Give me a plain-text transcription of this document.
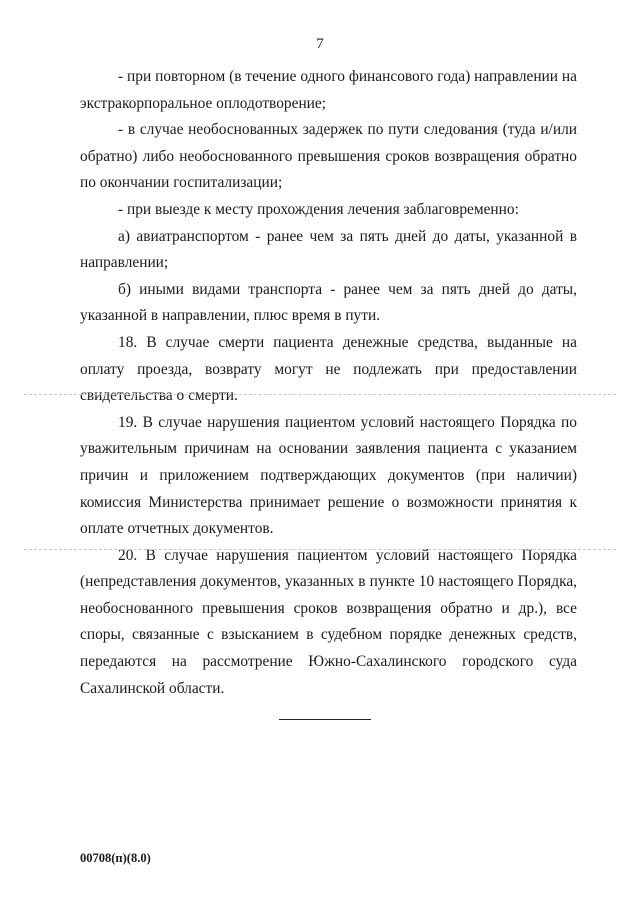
7

- при повторном (в течение одного финансового года) направлении на экстракорпоральное оплодотворение;

- в случае необоснованных задержек по пути следования (туда и/или обратно) либо необоснованного превышения сроков возвращения обратно по окончании госпитализации;

- при выезде к месту прохождения лечения заблаговременно:

а) авиатранспортом - ранее чем за пять дней до даты, указанной в направлении;

б) иными видами транспорта - ранее чем за пять дней до даты, указанной в направлении, плюс время в пути.

18. В случае смерти пациента денежные средства, выданные на оплату проезда, возврату могут не подлежать при предоставлении свидетельства о смерти.

19. В случае нарушения пациентом условий настоящего Порядка по уважительным причинам на основании заявления пациента с указанием причин и приложением подтверждающих документов (при наличии) комиссия Министерства принимает решение о возможности принятия к оплате отчетных документов.

20. В случае нарушения пациентом условий настоящего Порядка (непредставления документов, указанных в пункте 10 настоящего Порядка, необоснованного превышения сроков возвращения обратно и др.), все споры, связанные с взысканием в судебном порядке денежных средств, передаются на рассмотрение Южно-Сахалинского городского суда Сахалинской области.

00708(п)(8.0)
